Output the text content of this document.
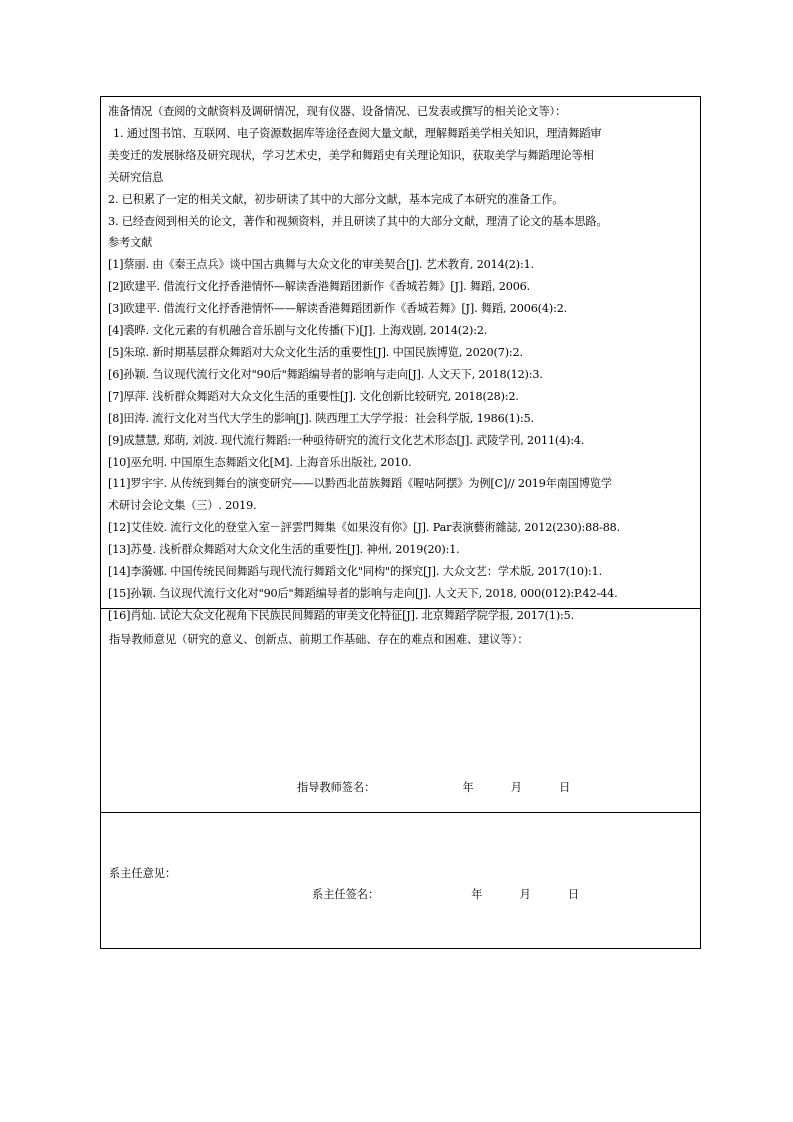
准备情况（查阅的文献资料及调研情况，现有仪器、设备情况、已发表或撰写的相关论文等）：
1. 通过图书馆、互联网、电子资源数据库等途径查阅大量文献，理解舞蹈美学相关知识，理清舞蹈审
美变迁的发展脉络及研究现状，学习艺术史，美学和舞蹈史有关理论知识，获取美学与舞蹈理论等相
关研究信息
2. 已积累了一定的相关文献，初步研读了其中的大部分文献，基本完成了本研究的准备工作。
3. 已经查阅到相关的论文，著作和视频资料，并且研读了其中的大部分文献，理清了论文的基本思路。
参考文献
[1]蔡丽. 由《秦王点兵》谈中国古典舞与大众文化的审美契合[J]. 艺术教育, 2014(2):1.
[2]欧建平. 借流行文化抒香港情怀—解读香港舞蹈团新作《香城若舞》[J]. 舞蹈, 2006.
[3]欧建平. 借流行文化抒香港情怀——解读香港舞蹈团新作《香城若舞》[J]. 舞蹈, 2006(4):2.
[4]裘晔. 文化元素的有机融合音乐剧与文化传播(下)[J]. 上海戏剧, 2014(2):2.
[5]朱琼. 新时期基层群众舞蹈对大众文化生活的重要性[J]. 中国民族博览, 2020(7):2.
[6]孙颖. 刍议现代流行文化对"90后"舞蹈编导者的影响与走向[J]. 人文天下, 2018(12):3.
[7]厚萍. 浅析群众舞蹈对大众文化生活的重要性[J]. 文化创新比较研究, 2018(28):2.
[8]田涛. 流行文化对当代大学生的影响[J]. 陕西理工大学学报：社会科学版, 1986(1):5.
[9]成慧慧, 郑萌, 刘波. 现代流行舞蹈:一种亟待研究的流行文化艺术形态[J]. 武陵学刊, 2011(4):4.
[10]巫允明. 中国原生态舞蹈文化[M]. 上海音乐出版社, 2010.
[11]罗宇宇. 从传统到舞台的演变研究——以黔西北苗族舞蹈《喔咕阿摆》为例[C]// 2019年南国博览学
术研讨会论文集（三）. 2019.
[12]艾佳姣. 流行文化的登堂入室－評雲門舞集《如果沒有你》[J]. Par表演藝術雜誌, 2012(230):88-88.
[13]苏曼. 浅析群众舞蹈对大众文化生活的重要性[J]. 神州, 2019(20):1.
[14]李漪娜. 中国传统民间舞蹈与现代流行舞蹈文化"同构"的探究[J]. 大众文艺：学术版, 2017(10):1.
[15]孙颖. 刍议现代流行文化对"90后"舞蹈编导者的影响与走向[J]. 人文天下, 2018, 000(012):P.42-44.
[16]肖灿. 试论大众文化视角下民族民间舞蹈的审美文化特征[J]. 北京舞蹈学院学报, 2017(1):5.
指导教师意见（研究的意义、创新点、前期工作基础、存在的难点和困难、建议等）：
指导教师签名：	年	月	日
系主任意见：
系主任签名：	年	月	日
